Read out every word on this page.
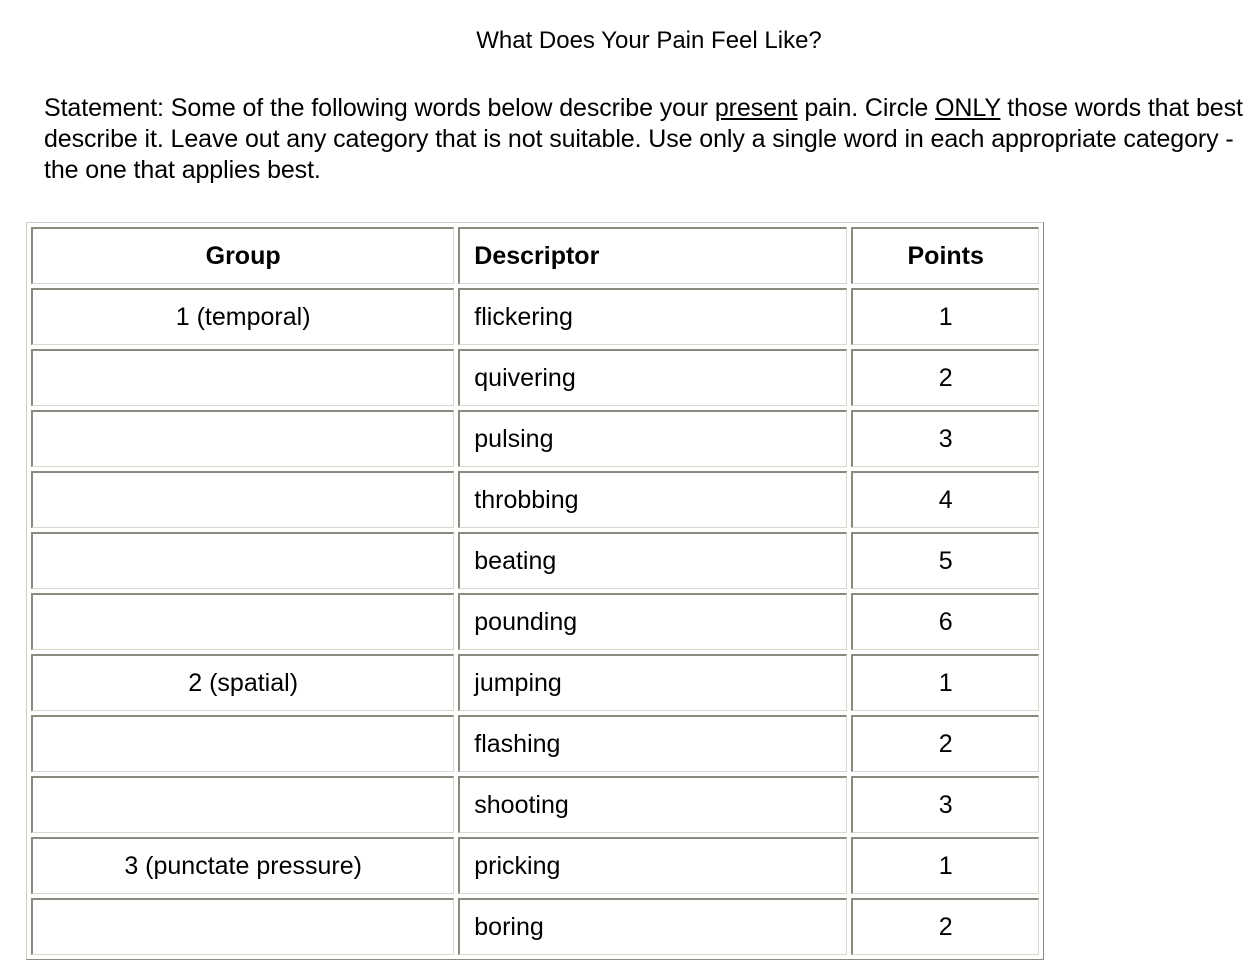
What Does Your Pain Feel Like?
Statement: Some of the following words below describe your present pain. Circle ONLY those words that best describe it. Leave out any category that is not suitable. Use only a single word in each appropriate category - the one that applies best.
Group	Descriptor	Points
1 (temporal)	flickering	1
	quivering	2
	pulsing	3
	throbbing	4
	beating	5
	pounding	6
2 (spatial)	jumping	1
	flashing	2
	shooting	3
3 (punctate pressure)	pricking	1
	boring	2
